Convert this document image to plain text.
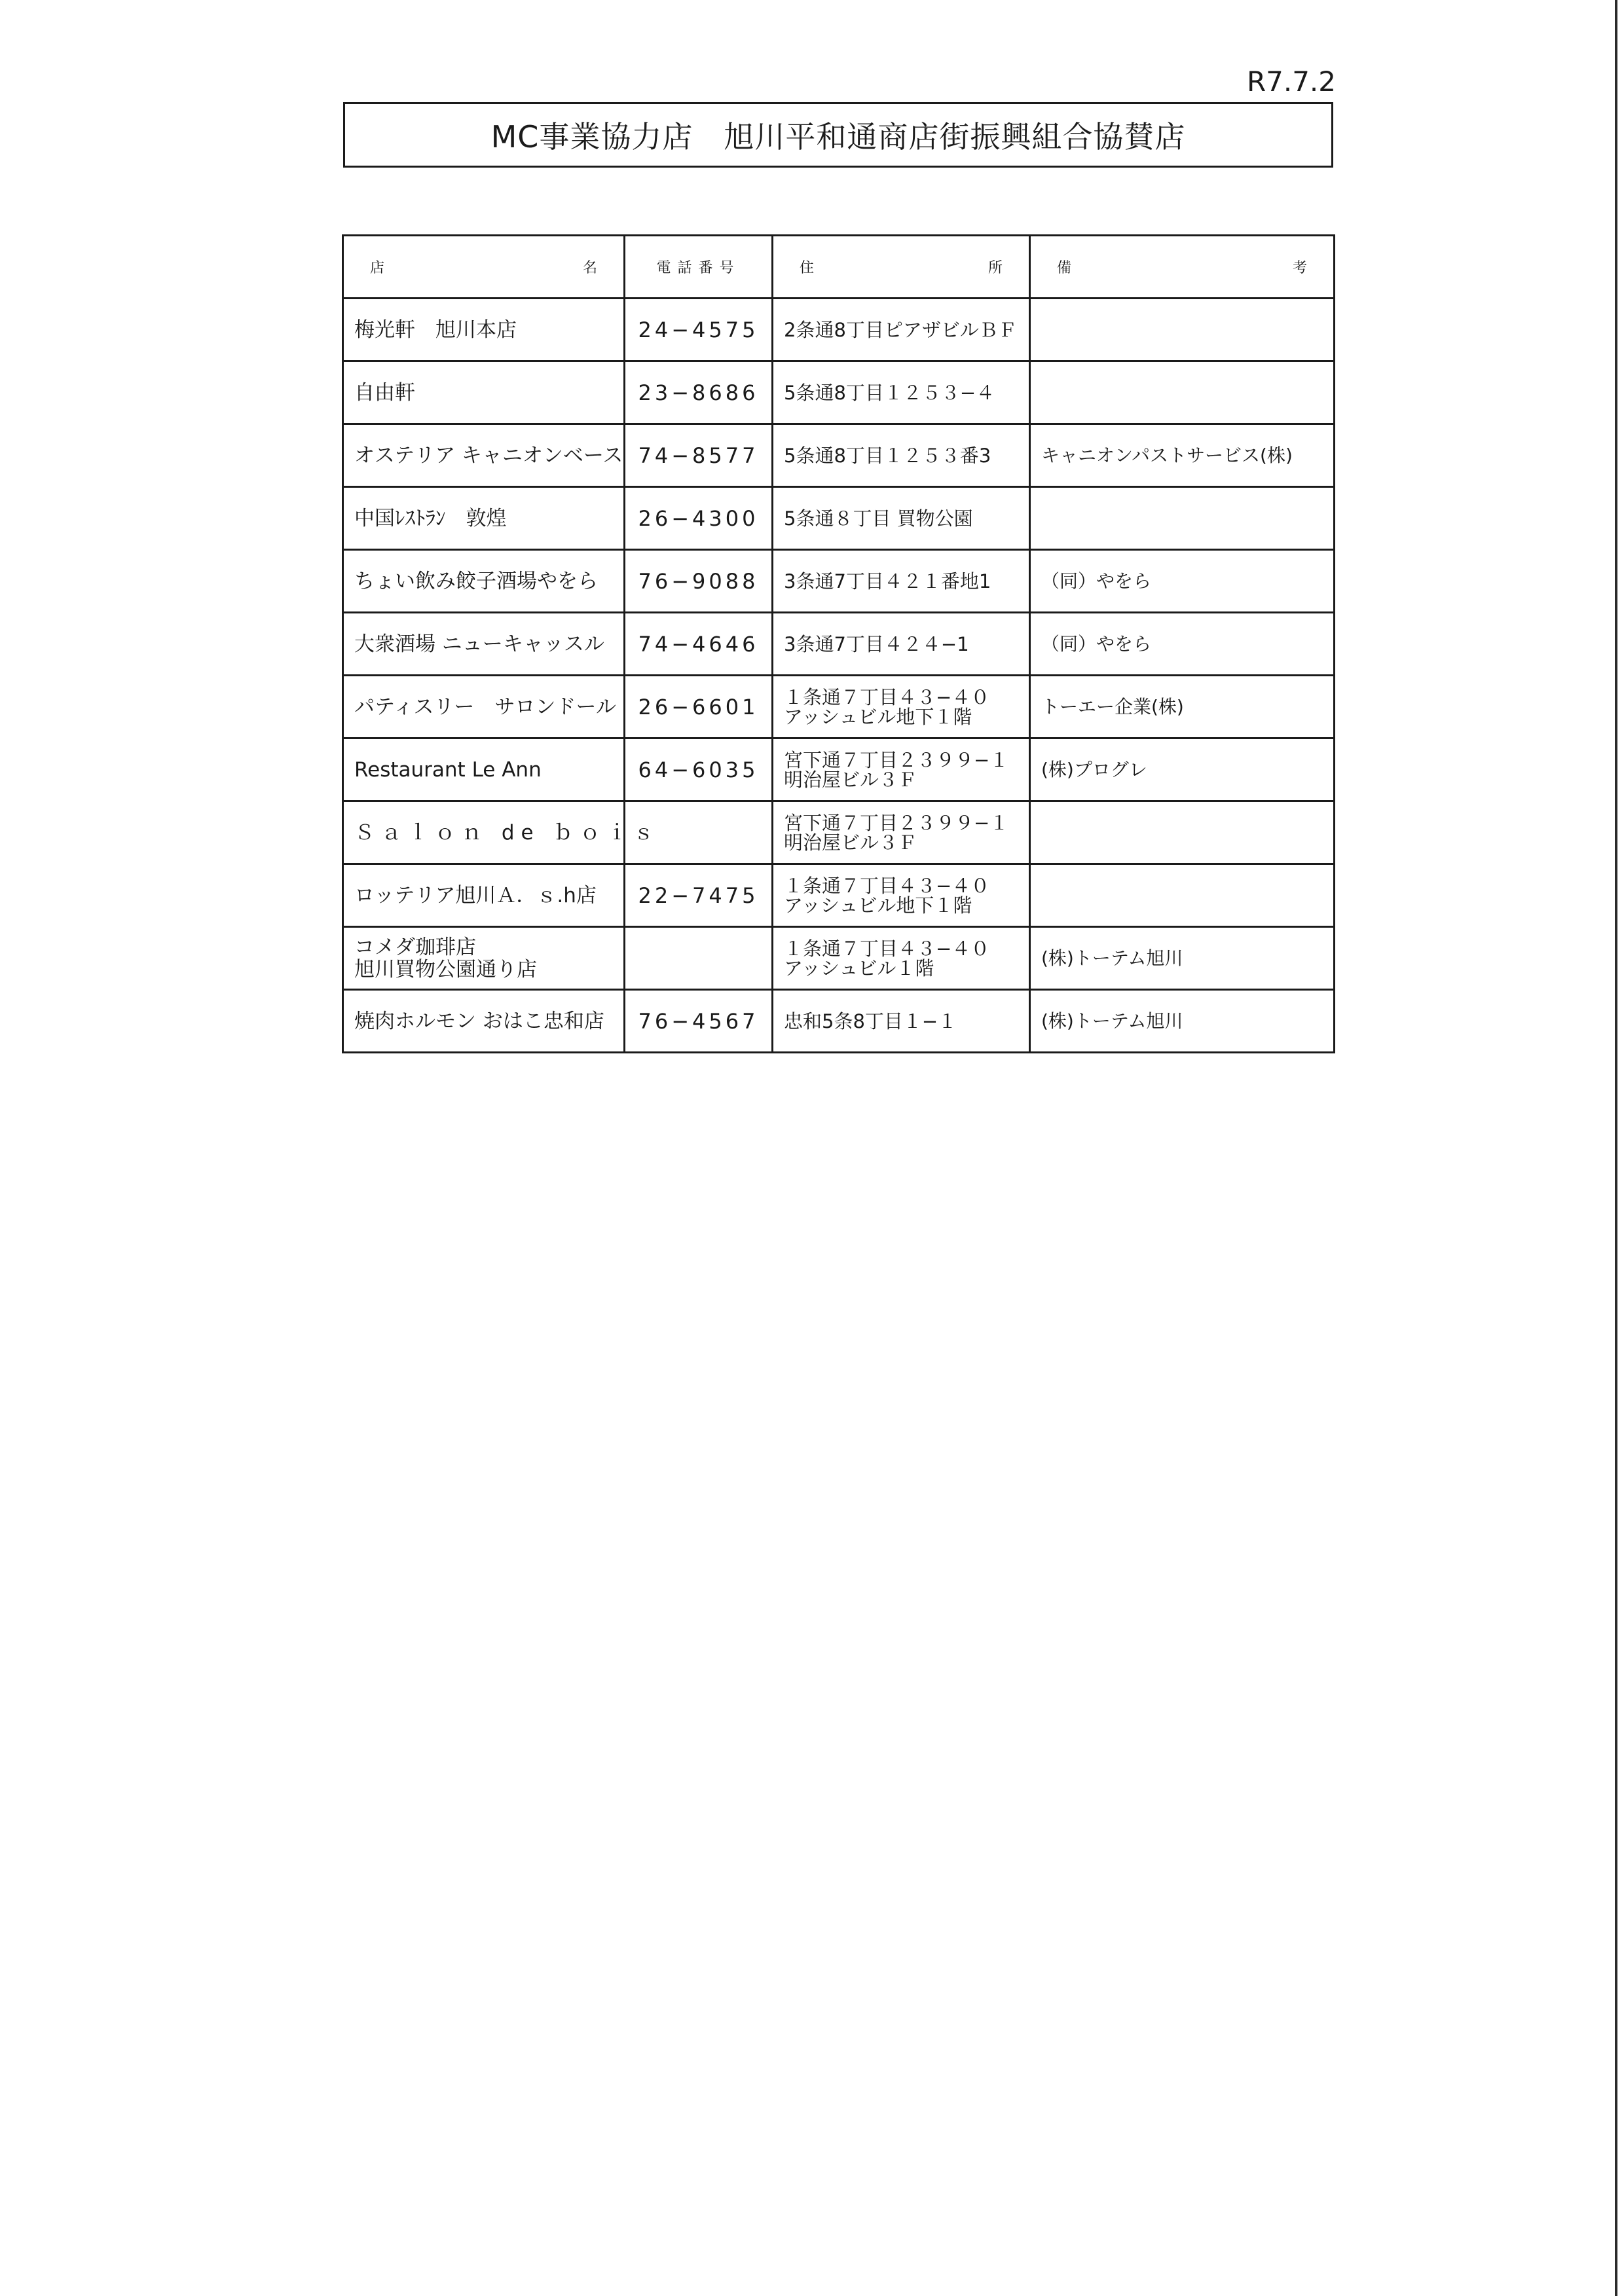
R7.7.2
MC事業協力店　旭川平和通商店街振興組合協賛店
店 名	電話番号	住 所	備 考

梅光軒　旭川本店	24−4575	2条通8丁目ピアザビルＢＦ	

自由軒	23−8686	5条通8丁目１２５３−４	

オステリア キャニオンベース	74−8577	5条通8丁目１２５３番3	キャニオンパストサービス(株)

中国ﾚｽﾄﾗﾝ　敦煌	26−4300	5条通８丁目 買物公園	

ちょい飲み餃子酒場やをら	76−9088	3条通7丁目４２１番地1	（同）やをら

大衆酒場 ニューキャッスル	74−4646	3条通7丁目４２４−1	（同）やをら

パティスリー　サロンドール	26−6601	１条通７丁目４３−４０
アッシュビル地下１階	トーエー企業(株)

Restaurant Le Ann	64−6035	宮下通７丁目２３９９−１
明治屋ビル３Ｆ	(株)プログレ

Ｓａｌｏｎ de ｂｏｉｓ		宮下通７丁目２３９９−１
明治屋ビル３Ｆ	

ロッテリア旭川Ａ．ｓ.h店	22−7475	１条通７丁目４３−４０
アッシュビル地下１階	

コメダ珈琲店
旭川買物公園通り店		１条通７丁目４３−４０
アッシュビル１階	(株)トーテム旭川

焼肉ホルモン おはこ忠和店	76−4567	忠和5条8丁目１−１	(株)トーテム旭川
